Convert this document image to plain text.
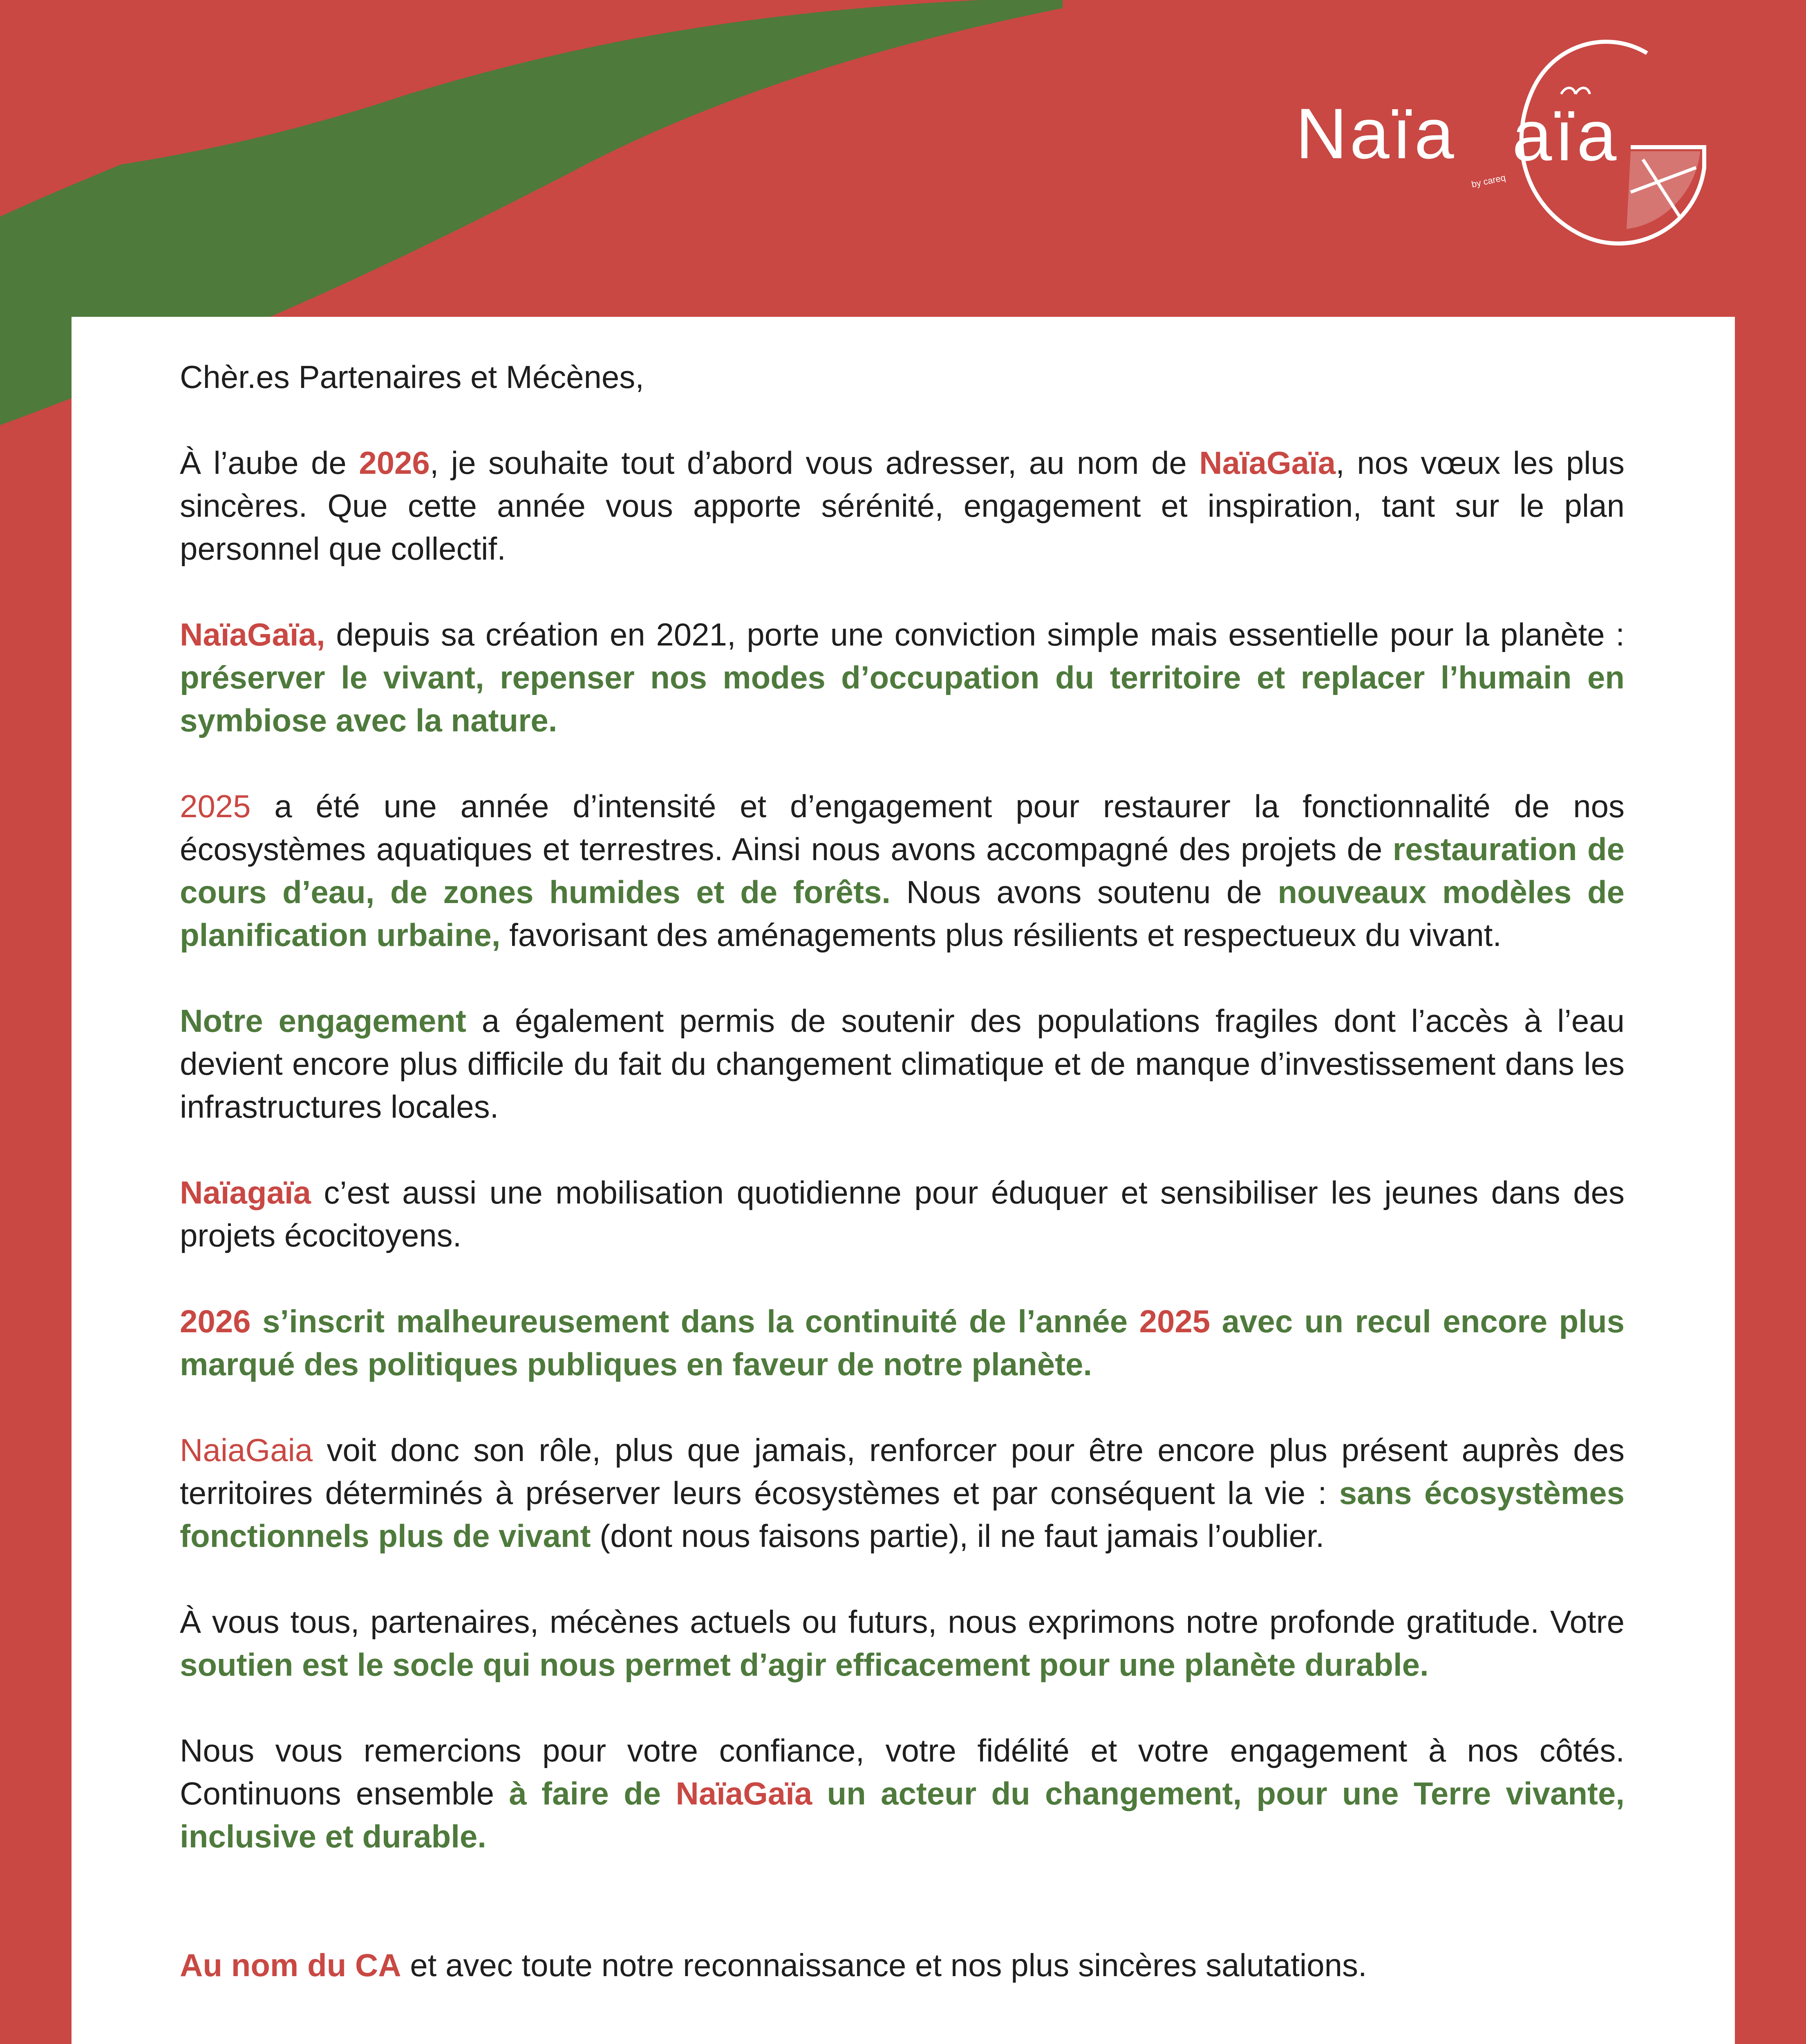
Naïa aïa
by careq

Chèr.es Partenaires et Mécènes,

À l’aube de 2026, je souhaite tout d’abord vous adresser, au nom de NaïaGaïa, nos vœux les plus sincères. Que cette année vous apporte sérénité, engagement et inspiration, tant sur le plan personnel que collectif.

NaïaGaïa, depuis sa création en 2021, porte une conviction simple mais essentielle pour la planète : préserver le vivant, repenser nos modes d’occupation du territoire et replacer l’humain en symbiose avec la nature.

2025 a été une année d’intensité et d’engagement pour restaurer la fonctionnalité de nos écosystèmes aquatiques et terrestres. Ainsi nous avons accompagné des projets de restauration de cours d’eau, de zones humides et de forêts. Nous avons soutenu de nouveaux modèles de planification urbaine, favorisant des aménagements plus résilients et respectueux du vivant.

Notre engagement a également permis de soutenir des populations fragiles dont l’accès à l’eau devient encore plus difficile du fait du changement climatique et de manque d’investissement dans les infrastructures locales.

Naïagaïa c’est aussi une mobilisation quotidienne pour éduquer et sensibiliser les jeunes dans des projets écocitoyens.

2026 s’inscrit malheureusement dans la continuité de l’année 2025 avec un recul encore plus marqué des politiques publiques en faveur de notre planète.

NaiaGaia voit donc son rôle, plus que jamais, renforcer pour être encore plus présent auprès des territoires déterminés à préserver leurs écosystèmes et par conséquent la vie : sans écosystèmes fonctionnels plus de vivant (dont nous faisons partie), il ne faut jamais l’oublier.

À vous tous, partenaires, mécènes actuels ou futurs, nous exprimons notre profonde gratitude. Votre soutien est le socle qui nous permet d’agir efficacement pour une planète durable.

Nous vous remercions pour votre confiance, votre fidélité et votre engagement à nos côtés. Continuons ensemble à faire de NaïaGaïa un acteur du changement, pour une Terre vivante, inclusive et durable.

Au nom du CA et avec toute notre reconnaissance et nos plus sincères salutations.
